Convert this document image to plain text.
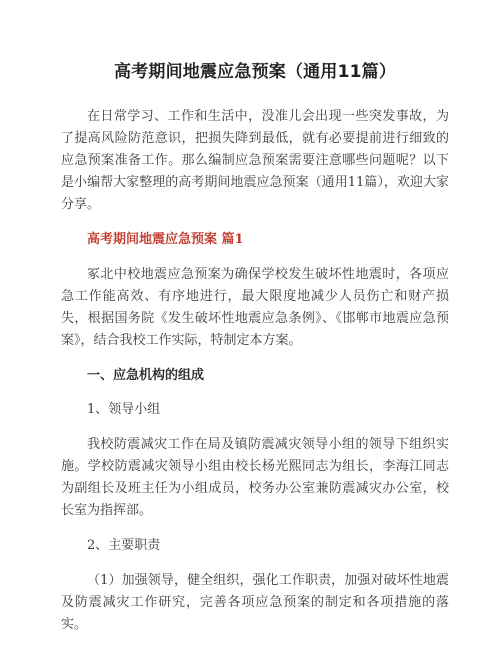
高考期间地震应急预案（通用11篇）

在日常学习、工作和生活中，没准儿会出现一些突发事故，为了提高风险防范意识，把损失降到最低，就有必要提前进行细致的应急预案准备工作。那么编制应急预案需要注意哪些问题呢？以下是小编帮大家整理的高考期间地震应急预案（通用11篇），欢迎大家分享。

高考期间地震应急预案 篇1

冢北中校地震应急预案为确保学校发生破坏性地震时，各项应急工作能高效、有序地进行，最大限度地减少人员伤亡和财产损失，根据国务院《发生破坏性地震应急条例》、《邯郸市地震应急预案》，结合我校工作实际，特制定本方案。

一、应急机构的组成
1、领导小组

我校防震减灾工作在局及镇防震减灾领导小组的领导下组织实施。学校防震减灾领导小组由校长杨光熙同志为组长，李海江同志为副组长及班主任为小组成员，校务办公室兼防震减灾办公室，校长室为指挥部。

2、主要职责

（1）加强领导，健全组织，强化工作职责，加强对破坏性地震及防震减灾工作研究，完善各项应急预案的制定和各项措施的落实。
